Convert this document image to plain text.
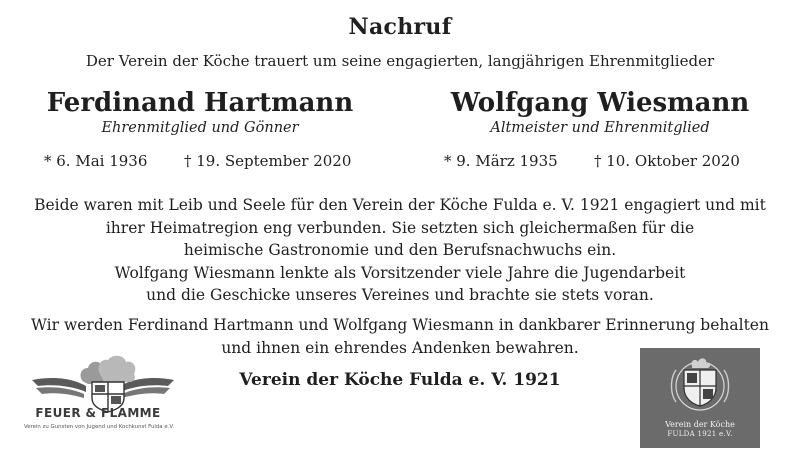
Nachruf
Der Verein der Köche trauert um seine engagierten, langjährigen Ehrenmitglieder
Ferdinand Hartmann
Ehrenmitglied und Gönner
* 6. Mai 1936 † 19. September 2020
Wolfgang Wiesmann
Altmeister und Ehrenmitglied
* 9. März 1935 † 10. Oktober 2020
Beide waren mit Leib und Seele für den Verein der Köche Fulda e. V. 1921 engagiert und mit
ihrer Heimatregion eng verbunden. Sie setzten sich gleichermaßen für die
heimische Gastronomie und den Berufsnachwuchs ein.
Wolfgang Wiesmann lenkte als Vorsitzender viele Jahre die Jugendarbeit
und die Geschicke unseres Vereines und brachte sie stets voran.
Wir werden Ferdinand Hartmann und Wolfgang Wiesmann in dankbarer Erinnerung behalten
und ihnen ein ehrendes Andenken bewahren.
Verein der Köche Fulda e. V. 1921
FEUER & FLAMME
Verein zu Gunsten von Jugend und Kochkunst Fulda e.V.	Verein der Köche
FULDA 1921 e.V.
